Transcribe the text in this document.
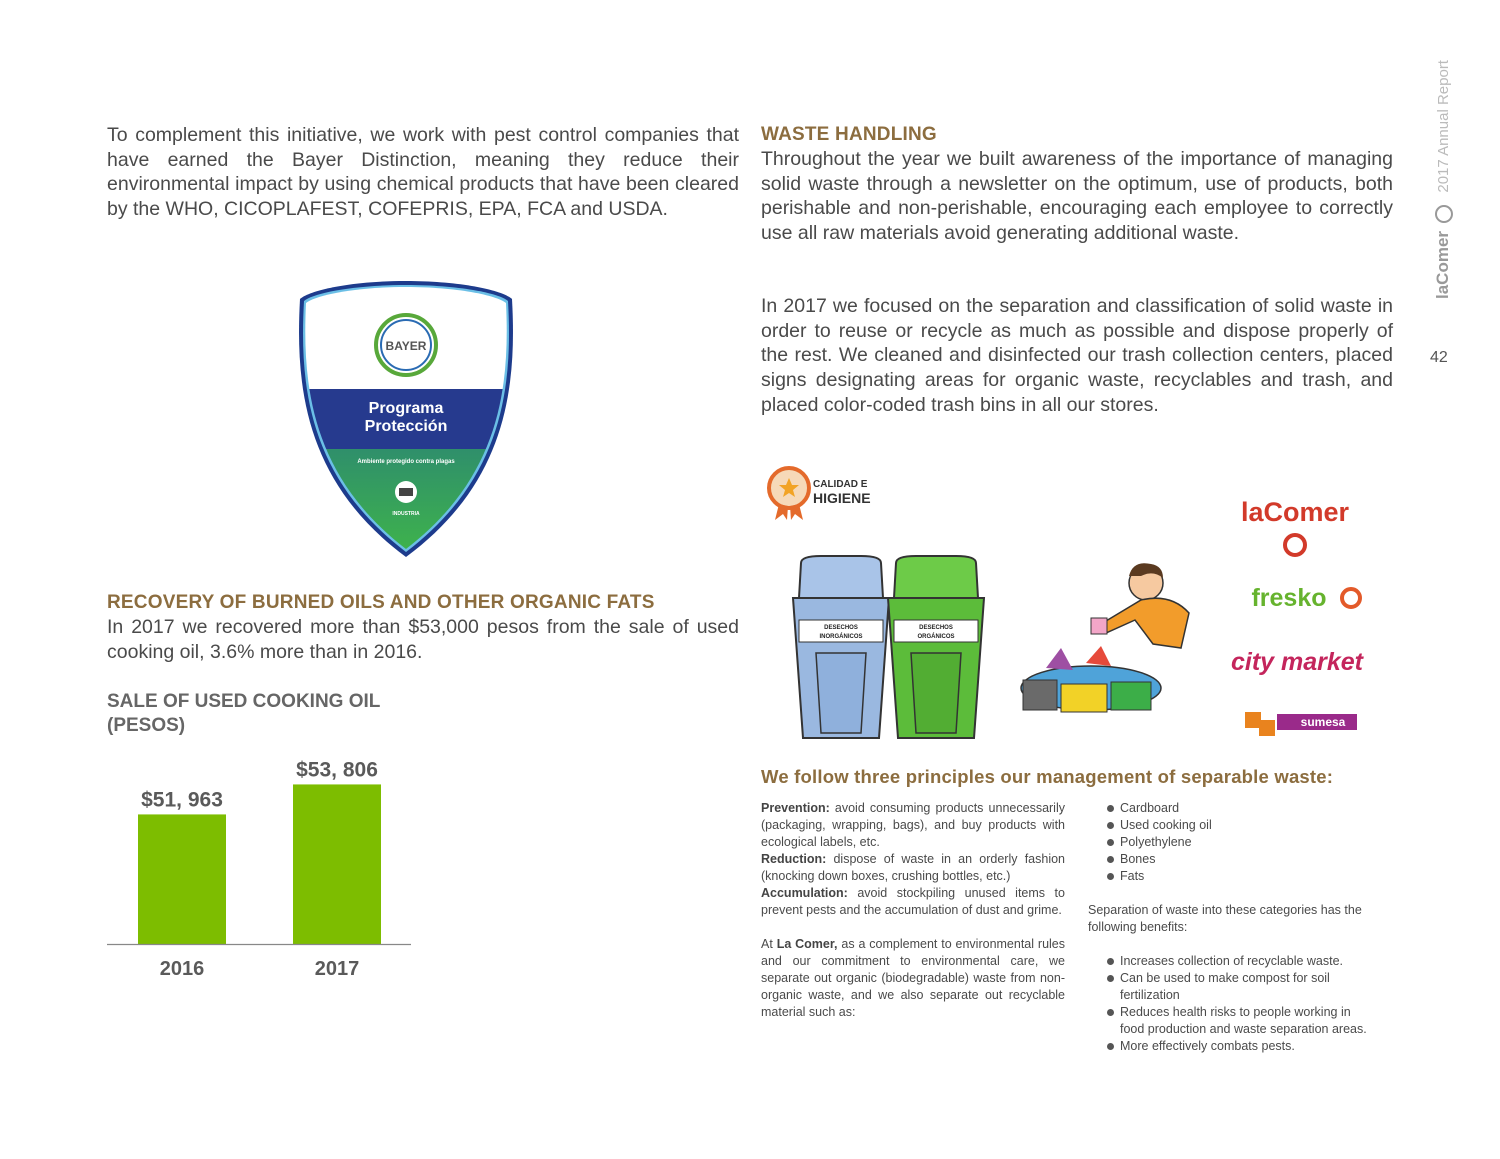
laComer  2017 Annual Report
42
To complement this initiative, we work with pest control companies that have earned the Bayer Distinction, meaning they reduce their environmental impact by using chemical products that have been cleared by the WHO, CICOPLAFEST, COFEPRIS, EPA, FCA and USDA.
BAYER
Programa
Protección
Ambiente protegido contra plagas
INDUSTRIA
RECOVERY OF BURNED OILS AND OTHER ORGANIC FATS
In 2017 we recovered more than $53,000 pesos from the sale of used cooking oil, 3.6% more than in 2016.
SALE OF USED COOKING OIL
(PESOS)
$51, 963
2016
$53, 806
2017
WASTE HANDLING
Throughout the year we built awareness of the importance of managing solid waste through a newsletter on the optimum, use of products, both perishable and non-perishable, encouraging each employee to correctly use all raw materials avoid generating additional waste.
In 2017 we focused on the separation and classification of solid waste in order to reuse or recycle as much as possible and dispose properly of the rest. We cleaned and disinfected our trash collection centers, placed signs designating areas for organic waste, recyclables and trash, and placed color-coded trash bins in all our stores.
CALIDAD E
HIGIENE
DESECHOS
INORGÁNICOS
DESECHOS
ORGÁNICOS
laComer
fresko
city market
sumesa
We follow three principles our management of separable waste:
Prevention: avoid consuming products unnecessarily (packaging, wrapping, bags), and buy products with ecological labels, etc.
Reduction: dispose of waste in an orderly fashion (knocking down boxes, crushing bottles, etc.)
Accumulation: avoid stockpiling unused items to prevent pests and the accumulation of dust and grime.
At La Comer, as a complement to environmental rules and our commitment to environmental care, we separate out organic (biodegradable) waste from non-organic waste, and we also separate out recyclable material such as:
Cardboard
Used cooking oil
Polyethylene
Bones
Fats
Separation of waste into these categories has the following benefits:
Increases collection of recyclable waste.
Can be used to make compost for soil fertilization
Reduces health risks to people working in food production and waste separation areas.
More effectively combats pests.
